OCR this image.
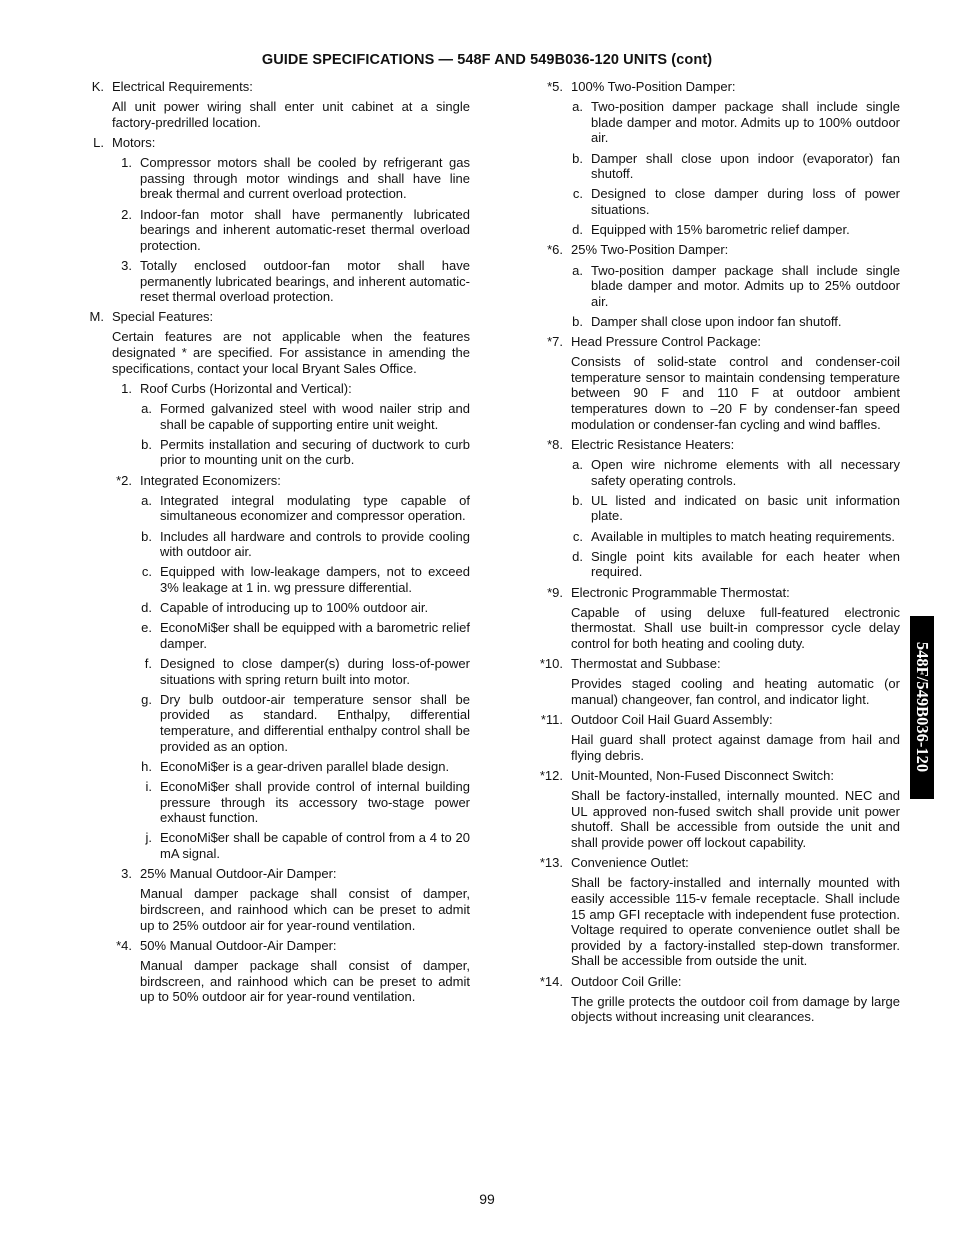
GUIDE SPECIFICATIONS — 548F AND 549B036-120 UNITS (cont)
K. Electrical Requirements:
All unit power wiring shall enter unit cabinet at a single factory-predrilled location.
L. Motors:
1. Compressor motors shall be cooled by refrigerant gas passing through motor windings and shall have line break thermal and current overload protection.
2. Indoor-fan motor shall have permanently lubricated bearings and inherent automatic-reset thermal overload protection.
3. Totally enclosed outdoor-fan motor shall have permanently lubricated bearings, and inherent automatic-reset thermal overload protection.
M. Special Features:
Certain features are not applicable when the features designated * are specified. For assistance in amending the specifications, contact your local Bryant Sales Office.
1. Roof Curbs (Horizontal and Vertical):
a. Formed galvanized steel with wood nailer strip and shall be capable of supporting entire unit weight.
b. Permits installation and securing of ductwork to curb prior to mounting unit on the curb.
*2. Integrated Economizers:
a. Integrated integral modulating type capable of simultaneous economizer and compressor operation.
b. Includes all hardware and controls to provide cooling with outdoor air.
c. Equipped with low-leakage dampers, not to exceed 3% leakage at 1 in. wg pressure differential.
d. Capable of introducing up to 100% outdoor air.
e. EconoMi$er shall be equipped with a barometric relief damper.
f. Designed to close damper(s) during loss-of-power situations with spring return built into motor.
g. Dry bulb outdoor-air temperature sensor shall be provided as standard. Enthalpy, differential temperature, and differential enthalpy control shall be provided as an option.
h. EconoMi$er is a gear-driven parallel blade design.
i. EconoMi$er shall provide control of internal building pressure through its accessory two-stage power exhaust function.
j. EconoMi$er shall be capable of control from a 4 to 20 mA signal.
3. 25% Manual Outdoor-Air Damper:
Manual damper package shall consist of damper, birdscreen, and rainhood which can be preset to admit up to 25% outdoor air for year-round ventilation.
*4. 50% Manual Outdoor-Air Damper:
Manual damper package shall consist of damper, birdscreen, and rainhood which can be preset to admit up to 50% outdoor air for year-round ventilation.
*5. 100% Two-Position Damper:
a. Two-position damper package shall include single blade damper and motor. Admits up to 100% outdoor air.
b. Damper shall close upon indoor (evaporator) fan shutoff.
c. Designed to close damper during loss of power situations.
d. Equipped with 15% barometric relief damper.
*6. 25% Two-Position Damper:
a. Two-position damper package shall include single blade damper and motor. Admits up to 25% outdoor air.
b. Damper shall close upon indoor fan shutoff.
*7. Head Pressure Control Package:
Consists of solid-state control and condenser-coil temperature sensor to maintain condensing temperature between 90 F and 110 F at outdoor ambient temperatures down to –20 F by condenser-fan speed modulation or condenser-fan cycling and wind baffles.
*8. Electric Resistance Heaters:
a. Open wire nichrome elements with all necessary safety operating controls.
b. UL listed and indicated on basic unit information plate.
c. Available in multiples to match heating requirements.
d. Single point kits available for each heater when required.
*9. Electronic Programmable Thermostat:
Capable of using deluxe full-featured electronic thermostat. Shall use built-in compressor cycle delay control for both heating and cooling duty.
*10. Thermostat and Subbase:
Provides staged cooling and heating automatic (or manual) changeover, fan control, and indicator light.
*11. Outdoor Coil Hail Guard Assembly:
Hail guard shall protect against damage from hail and flying debris.
*12. Unit-Mounted, Non-Fused Disconnect Switch:
Shall be factory-installed, internally mounted. NEC and UL approved non-fused switch shall provide unit power shutoff. Shall be accessible from outside the unit and shall provide power off lockout capability.
*13. Convenience Outlet:
Shall be factory-installed and internally mounted with easily accessible 115-v female receptacle. Shall include 15 amp GFI receptacle with independent fuse protection. Voltage required to operate convenience outlet shall be provided by a factory-installed step-down transformer. Shall be accessible from outside the unit.
*14. Outdoor Coil Grille:
The grille protects the outdoor coil from damage by large objects without increasing unit clearances.
548F/549B036-120
99
